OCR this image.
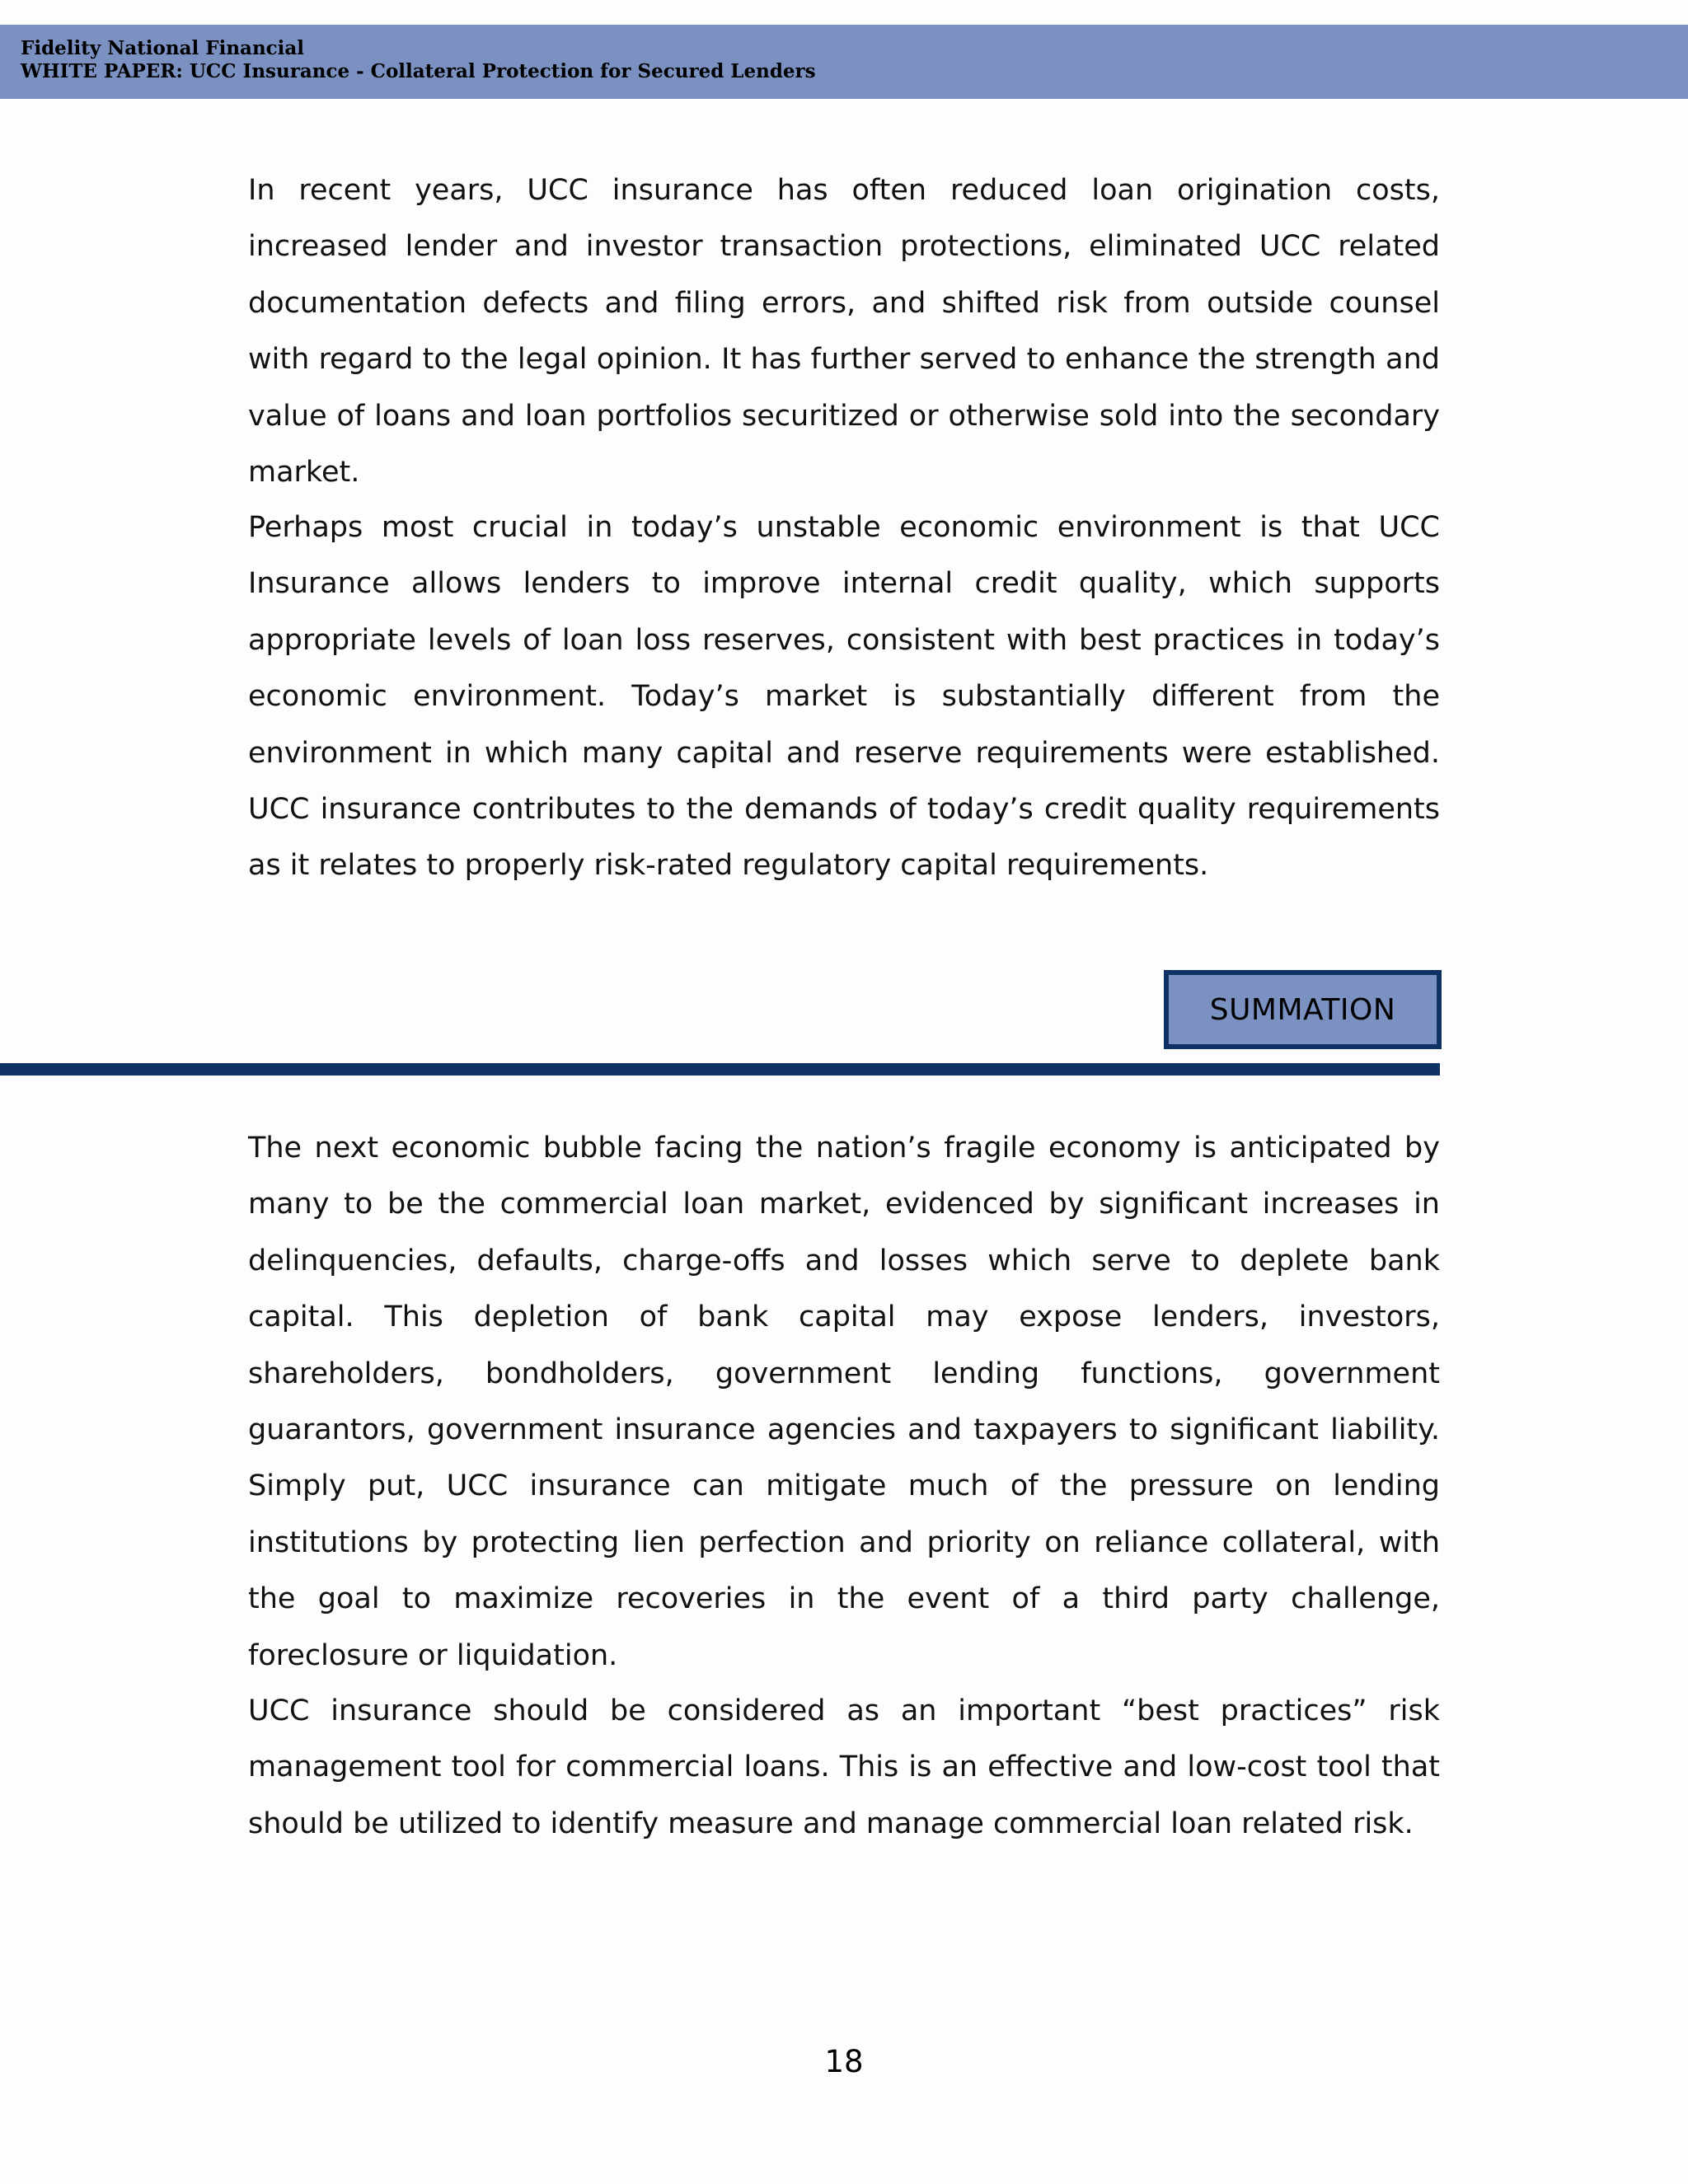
Fidelity National Financial
WHITE PAPER: UCC Insurance - Collateral Protection for Secured Lenders

In recent years, UCC insurance has often reduced loan origination costs, increased lender and investor transaction protections, eliminated UCC related documentation defects and filing errors, and shifted risk from outside counsel with regard to the legal opinion. It has further served to enhance the strength and value of loans and loan portfolios securitized or otherwise sold into the secondary market.

Perhaps most crucial in today’s unstable economic environment is that UCC Insurance allows lenders to improve internal credit quality, which supports appropriate levels of loan loss reserves, consistent with best practices in today’s economic environment. Today’s market is substantially different from the environment in which many capital and reserve requirements were established. UCC insurance contributes to the demands of today’s credit quality requirements as it relates to properly risk-rated regulatory capital requirements.

SUMMATION

The next economic bubble facing the nation’s fragile economy is anticipated by many to be the commercial loan market, evidenced by significant increases in delinquencies, defaults, charge-offs and losses which serve to deplete bank capital. This depletion of bank capital may expose lenders, investors, shareholders, bondholders, government lending functions, government guarantors, government insurance agencies and taxpayers to significant liability. Simply put, UCC insurance can mitigate much of the pressure on lending institutions by protecting lien perfection and priority on reliance collateral, with the goal to maximize recoveries in the event of a third party challenge, foreclosure or liquidation.

UCC insurance should be considered as an important “best practices” risk management tool for commercial loans. This is an effective and low-cost tool that should be utilized to identify measure and manage commercial loan related risk.

18
